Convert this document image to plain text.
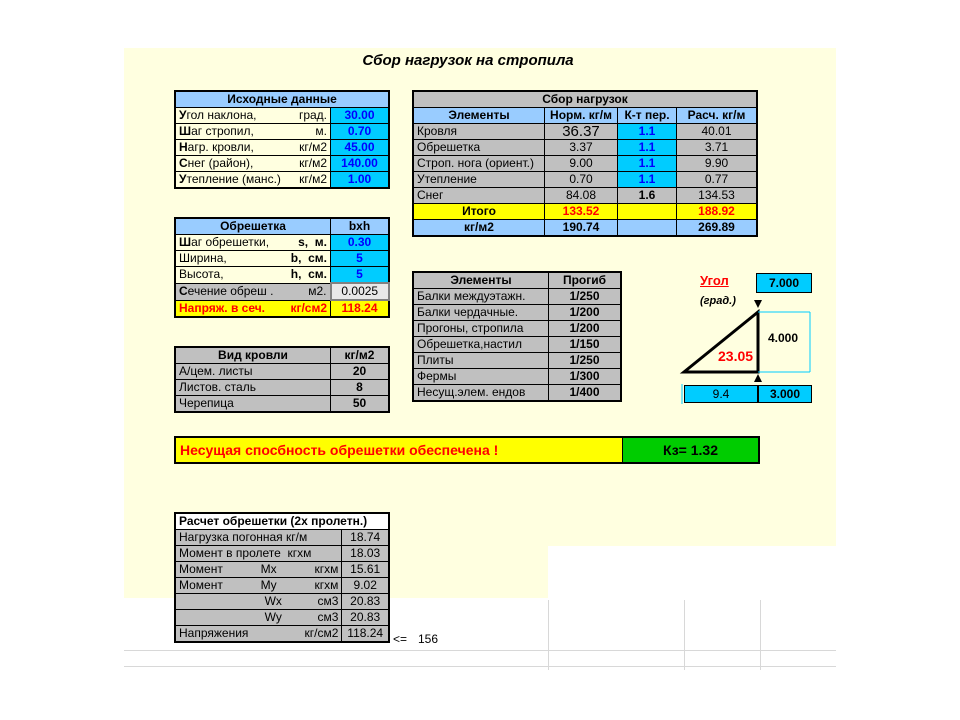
Сбор нагрузок на стропила
Исходные данные	

Угол наклона, град.	30.00

Шаг стропил, м.	0.70

Нагр. кровли, кг/м2	45.00

Снег (район), кг/м2	140.00

Утепление (манс.) кг/м2	1.00
Обрешетка	bxh

Шаг обрешетки, s, м.	0.30

Ширина, b, см.	5

Высота, h, см.	5

Сечение обреш . м2.	0.0025

Напряж. в сеч. кг/см2	118.24
Вид кровли	кг/м2
А/цем. листы	20
Листов. сталь	8
Черепица	50
Сбор нагрузок			
Элементы	Норм. кг/м	К-т пер.	Расч. кг/м
Кровля	36.37	1.1	40.01
Обрешетка	3.37	1.1	3.71
Строп. нога (ориент.)	9.00	1.1	9.90
Утепление	0.70	1.1	0.77
Снег	84.08	1.6	134.53
Итого	133.52		188.92
кг/м2	190.74		269.89
Элементы	Прогиб
Балки междуэтажн.	1/250
Балки чердачные.	1/200
Прогоны, стропила	1/200
Обрешетка,настил	1/150
Плиты	1/250
Фермы	1/300
Несущ.элем. ендов	1/400
Угол
(град.)
7.000
23.05
4.000
9.4	3.000
Несущая спосбность обрешетки обеспечена !	Кз= 1.32
Расчет обрешетки (2х пролетн.)	
Нагрузка погонная кг/м	18.74
Момент в пролете кгхм	18.03

Момент Mx кгхм	15.61

Момент My кгхм	9.02

Wx см3	20.83

Wy см3	20.83

Напряжения кг/см2	118.24 <= 156
